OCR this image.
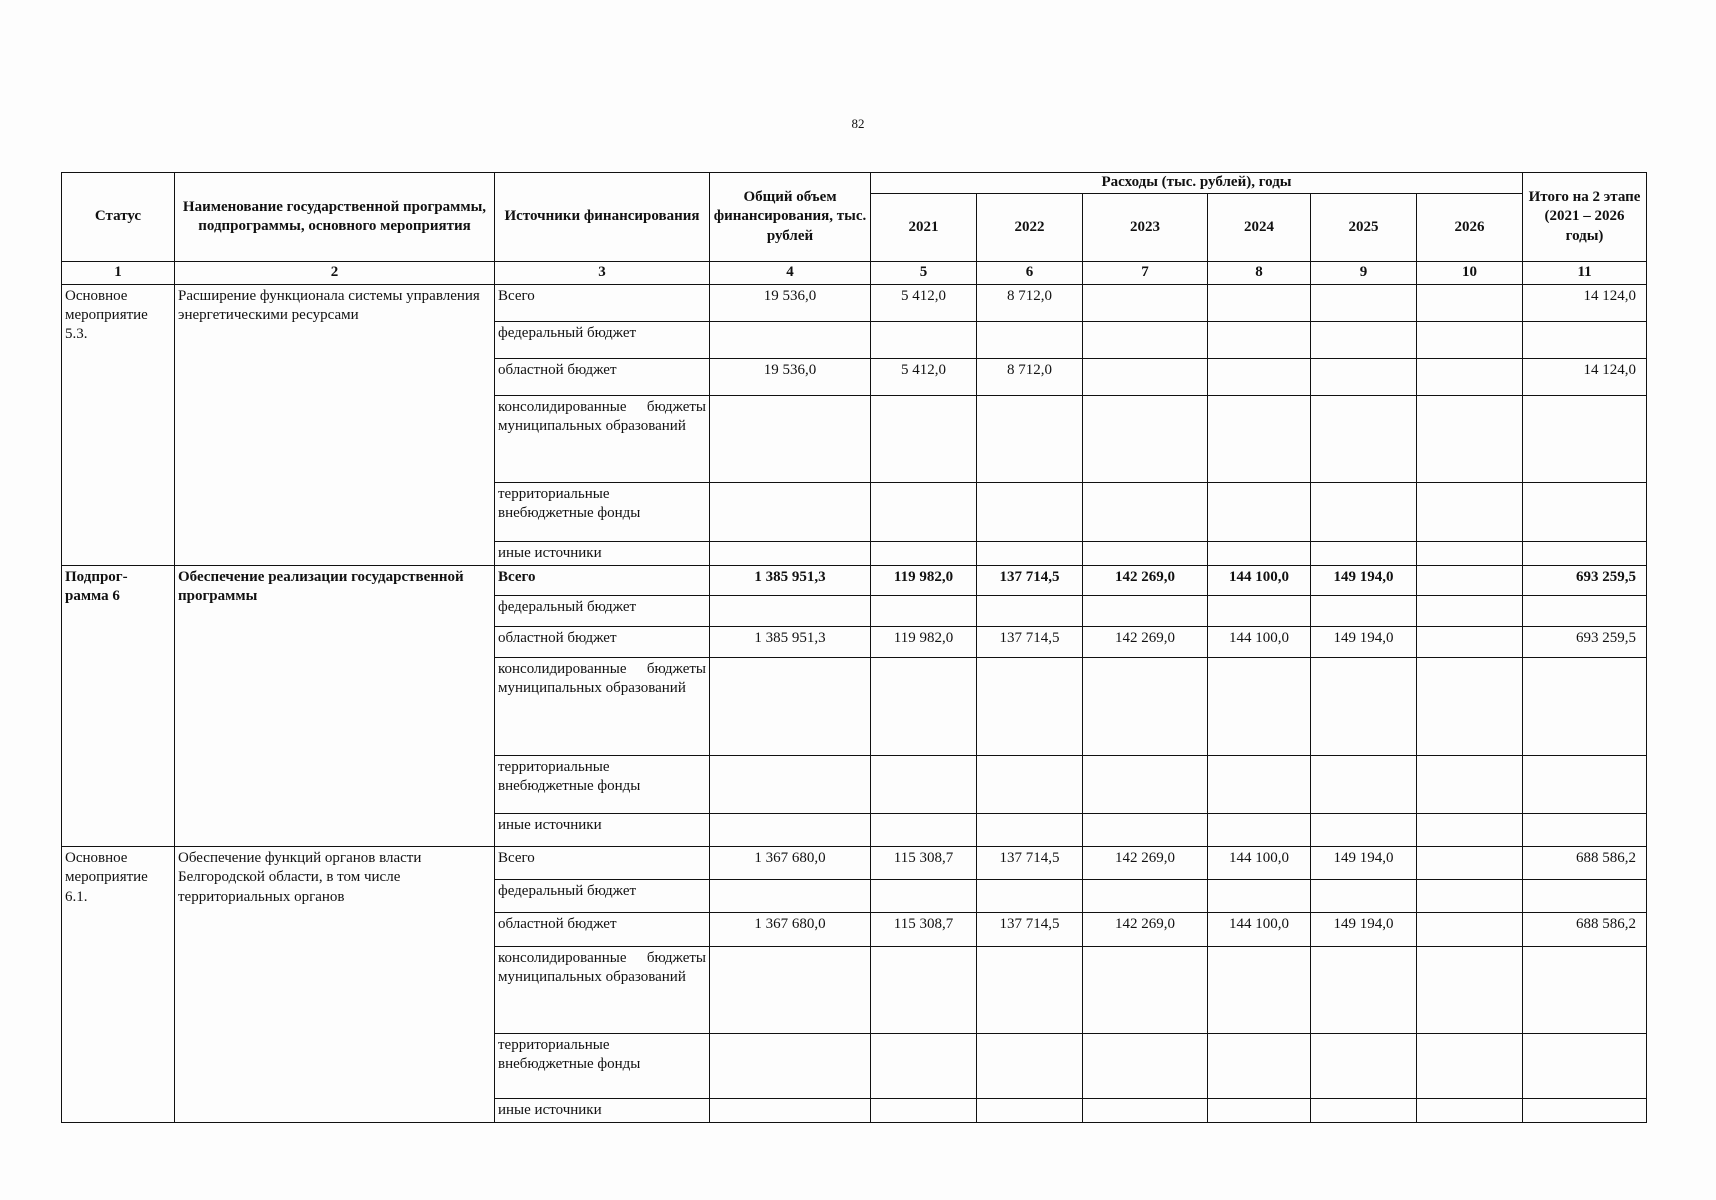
82
Статус	Наименование государственной программы, подпрограммы, основного мероприятия	Источники финансирования	Общий объем финансирования, тыс. рублей	Расходы (тыс. рублей), годы						Итого на 2 этапе (2021 – 2026 годы)
				2021	2022	2023	2024	2025	2026	
1	2	3	4	5	6	7	8	9	10	11
Основное мероприятие 5.3.	Расширение функционала системы управления энергетическими ресурсами	Всего	19 536,0	5 412,0	8 712,0					14 124,0
		федеральный бюджет								
		областной бюджет	19 536,0	5 412,0	8 712,0					14 124,0
		консолидированные бюджеты муниципальных образований								
		территориальные внебюджетные фонды								
		иные источники								
Подпрог-рамма 6	Обеспечение реализации государственной программы	Всего	1 385 951,3	119 982,0	137 714,5	142 269,0	144 100,0	149 194,0		693 259,5
		федеральный бюджет								
		областной бюджет	1 385 951,3	119 982,0	137 714,5	142 269,0	144 100,0	149 194,0		693 259,5
		консолидированные бюджеты муниципальных образований								
		территориальные внебюджетные фонды								
		иные источники								
Основное мероприятие 6.1.	Обеспечение функций органов власти Белгородской области, в том числе территориальных органов	Всего	1 367 680,0	115 308,7	137 714,5	142 269,0	144 100,0	149 194,0		688 586,2
		федеральный бюджет								
		областной бюджет	1 367 680,0	115 308,7	137 714,5	142 269,0	144 100,0	149 194,0		688 586,2
		консолидированные бюджеты муниципальных образований								
		территориальные внебюджетные фонды								
		иные источники								
